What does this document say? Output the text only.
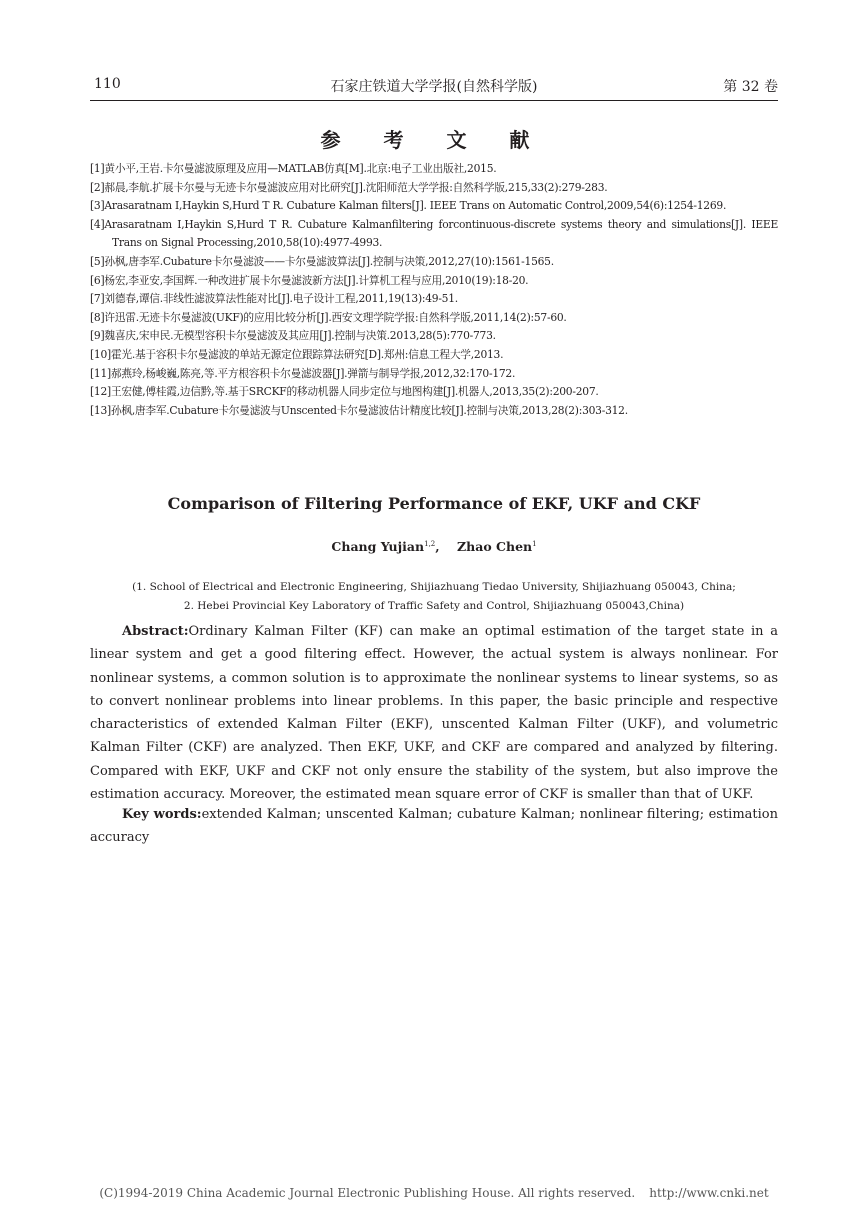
110	石家庄铁道大学学报(自然科学版)	第 32 卷
参 考 文 献
[1]黄小平,王岩.卡尔曼滤波原理及应用—MATLAB仿真[M].北京:电子工业出版社,2015.
[2]郝晨,李航.扩展卡尔曼与无迹卡尔曼滤波应用对比研究[J].沈阳师范大学学报:自然科学版,215,33(2):279-283.
[3]Arasaratnam I,Haykin S,Hurd T R. Cubature Kalman filters[J]. IEEE Trans on Automatic Control,2009,54(6):1254-1269.
[4]Arasaratnam I,Haykin S,Hurd T R. Cubature Kalmanfiltering forcontinuous-discrete systems theory and simulations[J]. IEEE Trans on Signal Processing,2010,58(10):4977-4993.
[5]孙枫,唐李军.Cubature卡尔曼滤波——卡尔曼滤波算法[J].控制与决策,2012,27(10):1561-1565.
[6]杨宏,李亚安,李国辉.一种改进扩展卡尔曼滤波新方法[J].计算机工程与应用,2010(19):18-20.
[7]刘德春,谭信.非线性滤波算法性能对比[J].电子设计工程,2011,19(13):49-51.
[8]许迅雷.无迹卡尔曼滤波(UKF)的应用比较分析[J].西安文理学院学报:自然科学版,2011,14(2):57-60.
[9]魏喜庆,宋申民.无模型容积卡尔曼滤波及其应用[J].控制与决策.2013,28(5):770-773.
[10]霍光.基于容积卡尔曼滤波的单站无源定位跟踪算法研究[D].郑州:信息工程大学,2013.
[11]郝燕玲,杨峻巍,陈亮,等.平方根容积卡尔曼滤波器[J].弹箭与制导学报,2012,32:170-172.
[12]王宏健,傅桂霞,边信黔,等.基于SRCKF的移动机器人同步定位与地图构建[J].机器人,2013,35(2):200-207.
[13]孙枫,唐李军.Cubature卡尔曼滤波与Unscented卡尔曼滤波估计精度比较[J].控制与决策,2013,28(2):303-312.
Comparison of Filtering Performance of EKF, UKF and CKF
Chang Yujian$^{1,2}$, Zhao Chen$^1$
(1. School of Electrical and Electronic Engineering, Shijiazhuang Tiedao University, Shijiazhuang 050043, China;
2. Hebei Provincial Key Laboratory of Traffic Safety and Control, Shijiazhuang 050043,China)

Abstract:Ordinary Kalman Filter (KF) can make an optimal estimation of the target state in a linear system and get a good filtering effect. However, the actual system is always nonlinear. For nonlinear systems, a common solution is to approximate the nonlinear systems to linear systems, so as to convert nonlinear problems into linear problems. In this paper, the basic principle and respective characteristics of extended Kalman Filter (EKF), unscented Kalman Filter (UKF), and volumetric Kalman Filter (CKF) are analyzed. Then EKF, UKF, and CKF are compared and analyzed by filtering. Compared with EKF, UKF and CKF not only ensure the stability of the system, but also improve the estimation accuracy. Moreover, the estimated mean square error of CKF is smaller than that of UKF.

Key words:extended Kalman; unscented Kalman; cubature Kalman; nonlinear filtering; estimation accuracy

(C)1994-2019 China Academic Journal Electronic Publishing House. All rights reserved. http://www.cnki.net
